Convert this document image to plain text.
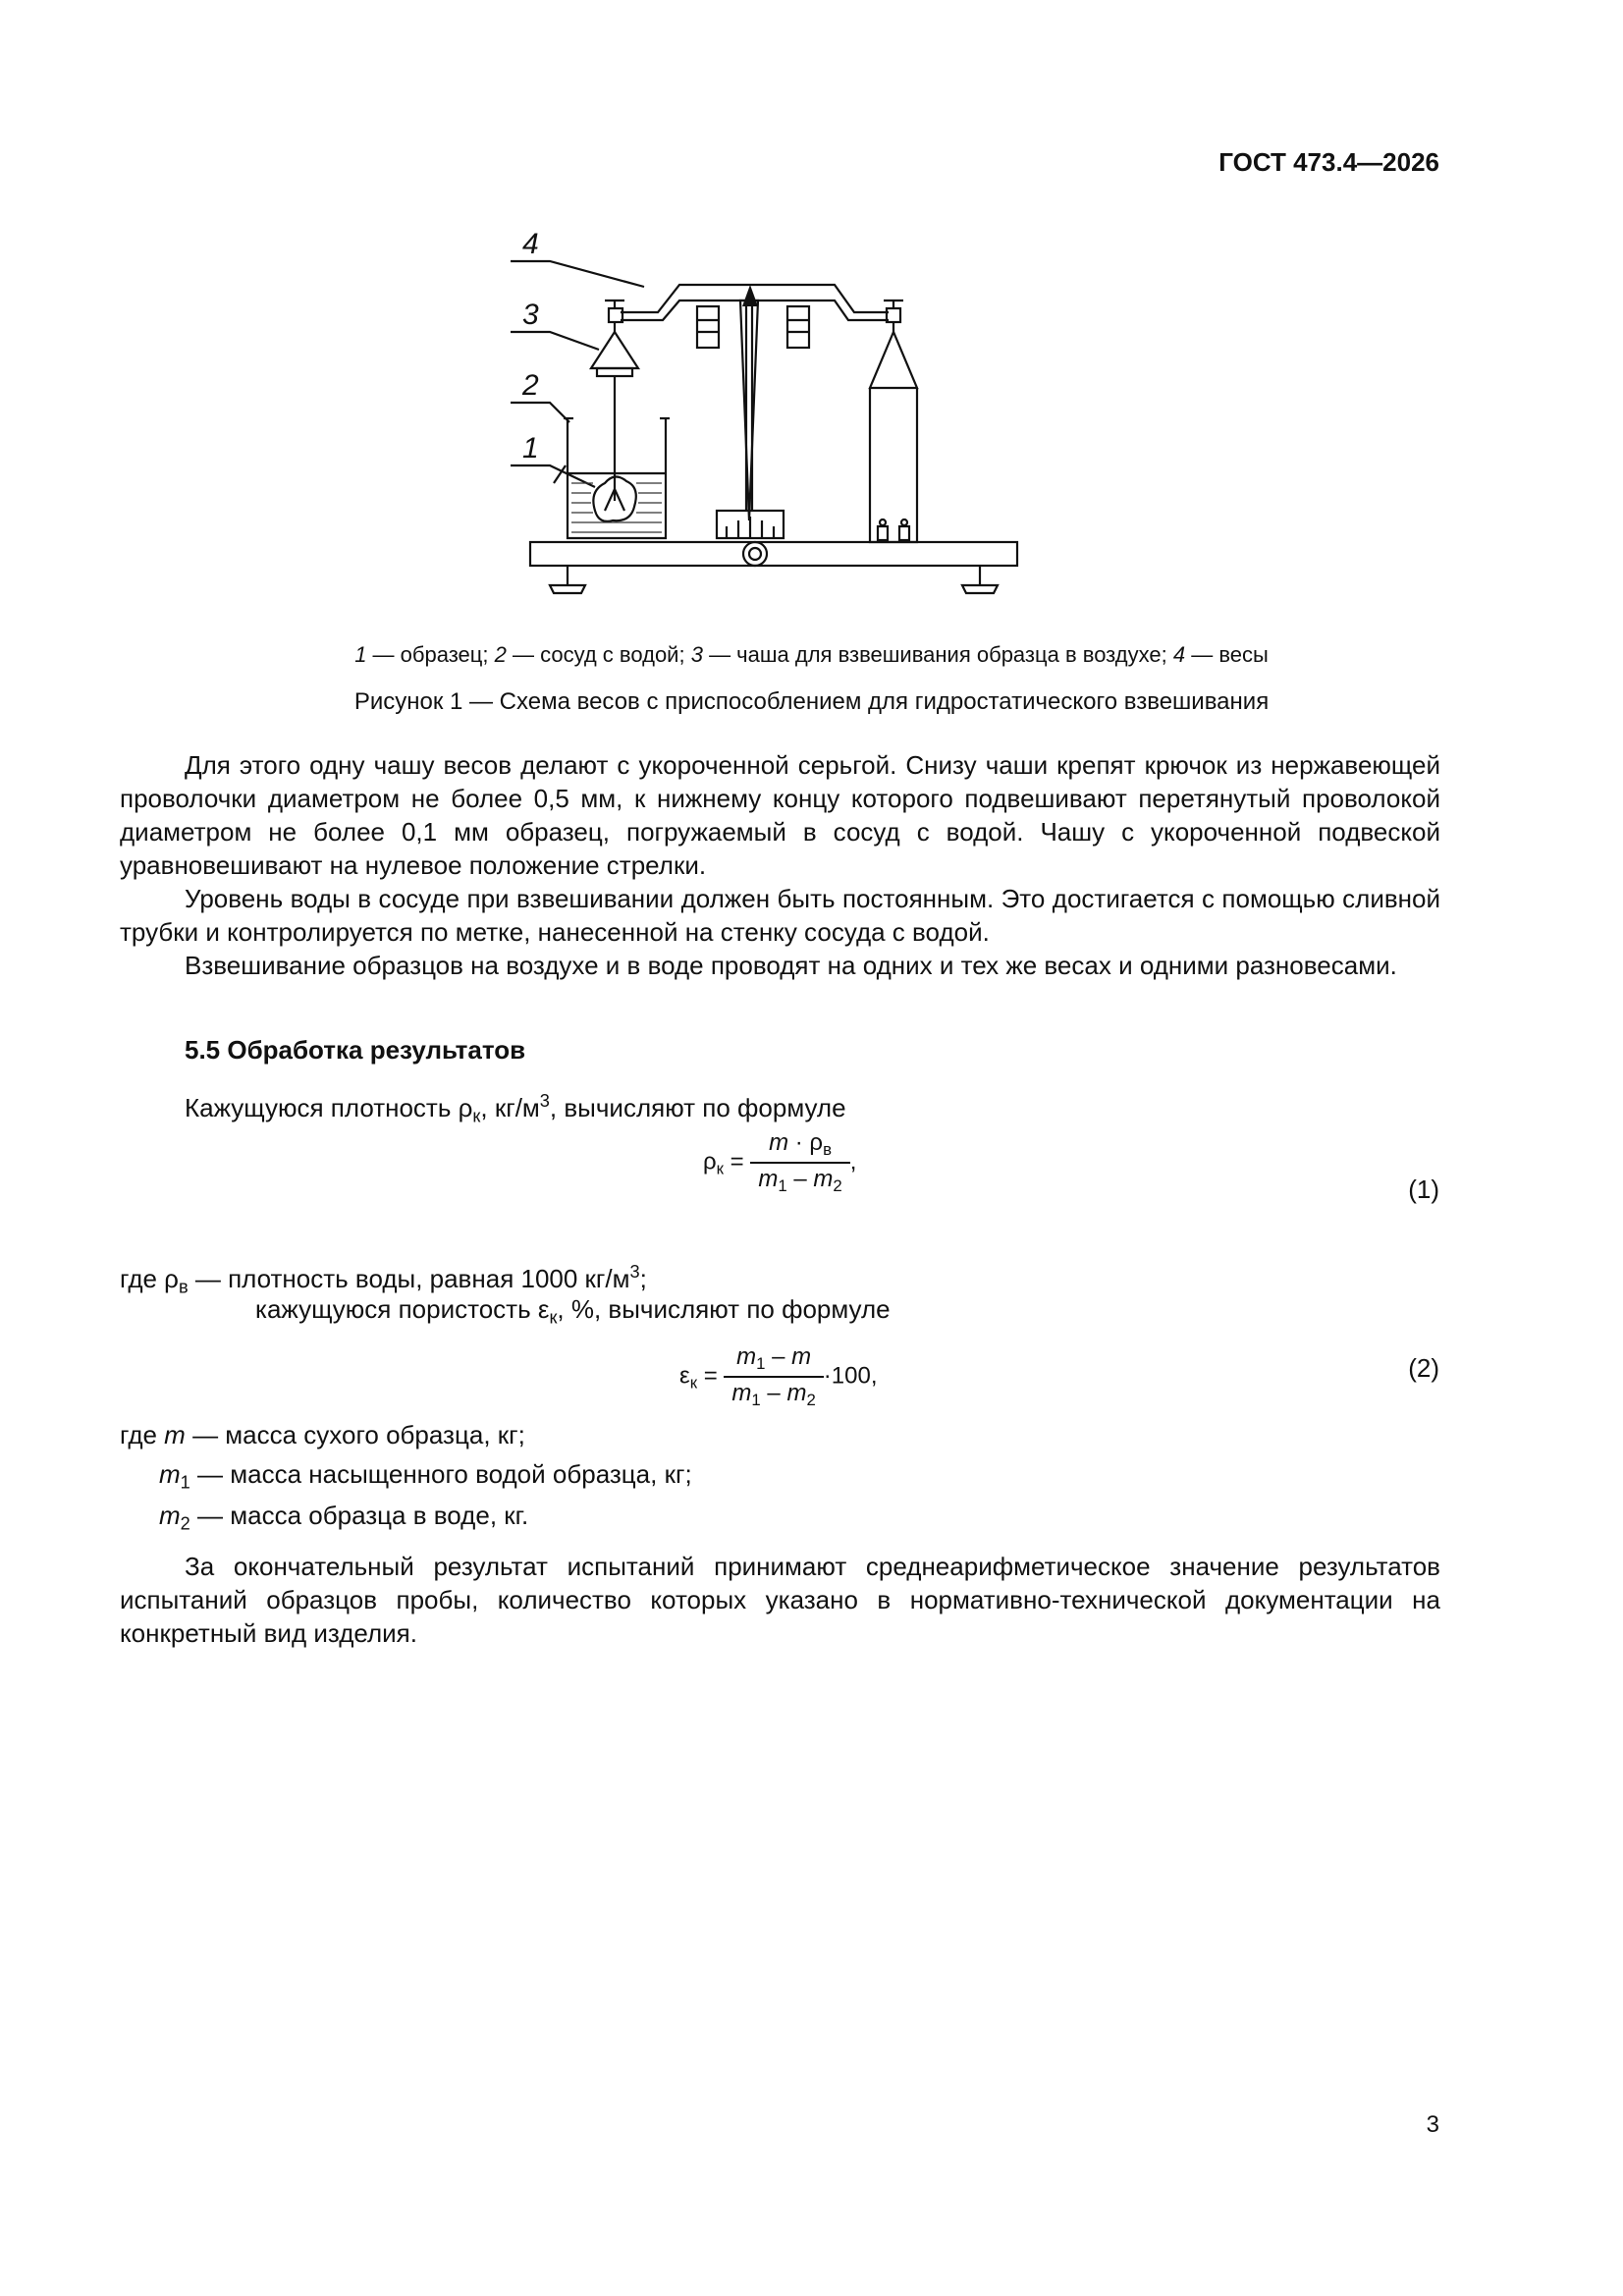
ГОСТ 473.4—2026
4
3
2
1
1 — образец; 2 — сосуд с водой; 3 — чаша для взвешивания образца в воздухе; 4 — весы
Рисунок 1 — Схема весов с приспособлением для гидростатического взвешивания

Для этого одну чашу весов делают с укороченной серьгой. Снизу чаши крепят крючок из нержавеющей проволочки диаметром не более 0,5 мм, к нижнему концу которого подвешивают перетянутый проволокой диаметром не более 0,1 мм образец, погружаемый в сосуд с водой. Чашу с укороченной подвеской уравновешивают на нулевое положение стрелки.

Уровень воды в сосуде при взвешивании должен быть постоянным. Это достигается с помощью сливной трубки и контролируется по метке, нанесенной на стенку сосуда с водой.

Взвешивание образцов на воздухе и в воде проводят на одних и тех же весах и одними разновесами.

5.5 Обработка результатов
Кажущуюся плотность $\rho_к$, $кг/м^3$, вычисляют по формуле
$\rho_к = \frac{m \cdot \rho_в}{m_1 - m_2}$ ,
(1)
где $\rho_в$ — плотность воды, равная 1000 $кг/м^3$;
кажущуюся пористость $\varepsilon_к$, %, вычисляют по формуле
$\varepsilon_к = \frac{m_1 - m}{m_1 - m_2} \cdot 100$,	(2)
где m — масса сухого образца, кг;
$m_1$ — масса насыщенного водой образца, кг;
$m_2$ — масса образца в воде, кг.

За окончательный результат испытаний принимают среднеарифметическое значение результатов испытаний образцов пробы, количество которых указано в нормативно-технической документации на конкретный вид изделия.

3
